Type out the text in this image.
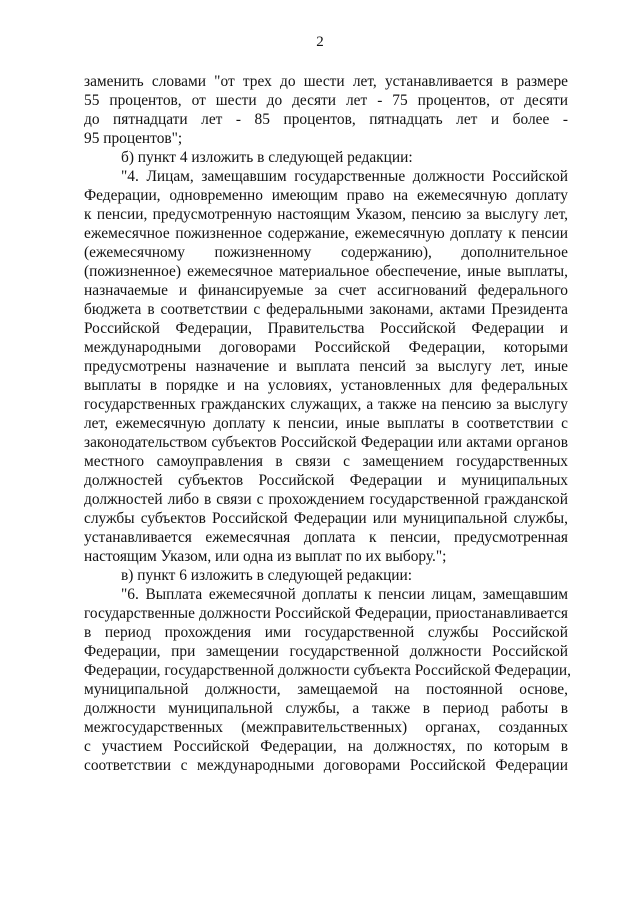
2
заменить словами "от трех до шести лет, устанавливается в размере
55 процентов, от шести до десяти лет - 75 процентов, от десяти
до пятнадцати лет - 85 процентов, пятнадцать лет и более -
95 процентов";
б) пункт 4 изложить в следующей редакции:
"4. Лицам, замещавшим государственные должности Российской
Федерации, одновременно имеющим право на ежемесячную доплату
к пенсии, предусмотренную настоящим Указом, пенсию за выслугу лет,
ежемесячное пожизненное содержание, ежемесячную доплату к пенсии
(ежемесячному пожизненному содержанию), дополнительное
(пожизненное) ежемесячное материальное обеспечение, иные выплаты,
назначаемые и финансируемые за счет ассигнований федерального
бюджета в соответствии с федеральными законами, актами Президента
Российской Федерации, Правительства Российской Федерации и
международными договорами Российской Федерации, которыми
предусмотрены назначение и выплата пенсий за выслугу лет, иные
выплаты в порядке и на условиях, установленных для федеральных
государственных гражданских служащих, а также на пенсию за выслугу
лет, ежемесячную доплату к пенсии, иные выплаты в соответствии с
законодательством субъектов Российской Федерации или актами органов
местного самоуправления в связи с замещением государственных
должностей субъектов Российской Федерации и муниципальных
должностей либо в связи с прохождением государственной гражданской
службы субъектов Российской Федерации или муниципальной службы,
устанавливается ежемесячная доплата к пенсии, предусмотренная
настоящим Указом, или одна из выплат по их выбору.";
в) пункт 6 изложить в следующей редакции:
"6. Выплата ежемесячной доплаты к пенсии лицам, замещавшим
государственные должности Российской Федерации, приостанавливается
в период прохождения ими государственной службы Российской
Федерации, при замещении государственной должности Российской
Федерации, государственной должности субъекта Российской Федерации,
муниципальной должности, замещаемой на постоянной основе,
должности муниципальной службы, а также в период работы в
межгосударственных (межправительственных) органах, созданных
с участием Российской Федерации, на должностях, по которым в
соответствии с международными договорами Российской Федерации
